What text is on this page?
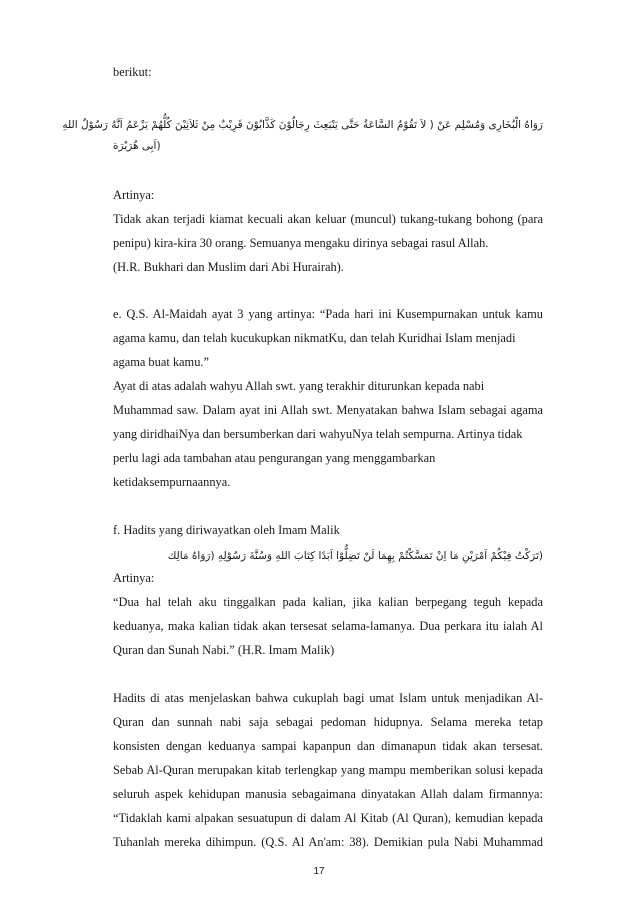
berikut:
رَوَاهُ الْبُخَارِى وَمُسْلِم عَنْ ( لاَ تَقُوْمُ السَّاعَةُ حَتَّى يَنْبَعِثَ رِجَالُوْنَ كَذَّابُوْنَ قَرِيْبٌ مِنْ ثَلاَثِيْنَ كُلُّهُمْ يَزْعَمُ اَنَّهُ رَسُوْلُ اللهِ
(اَبِى هُرَيْرَة
Artinya:
Tidak akan terjadi kiamat kecuali akan keluar (muncul) tukang-tukang bohong (para
penipu) kira-kira 30 orang. Semuanya mengaku dirinya sebagai rasul Allah.
(H.R. Bukhari dan Muslim dari Abi Hurairah).
e. Q.S. Al-Maidah ayat 3 yang artinya: “Pada hari ini Kusempurnakan untuk kamu
agama kamu, dan telah kucukupkan nikmatKu, dan telah Kuridhai Islam menjadi
agama buat kamu.”
Ayat di atas adalah wahyu Allah swt. yang terakhir diturunkan kepada nabi
Muhammad saw. Dalam ayat ini Allah swt. Menyatakan bahwa Islam sebagai agama
yang diridhaiNya dan bersumberkan dari wahyuNya telah sempurna. Artinya tidak
perlu lagi ada tambahan atau pengurangan yang menggambarkan
ketidaksempurnaannya.
f. Hadits yang diriwayatkan oleh Imam Malik
(تَرَكْتُ فِيْكُمْ اَمْرَيْنِ مَا اِنْ تَمَسَّكْتُمْ بِهِمَا لَنْ تَضِلُّوْا اَبَدًا كِتَابَ اللهِ وَسُنَّةَ رَسُوْلِهِ (رَوَاهُ مَالِك
Artinya:
“Dua hal telah aku tinggalkan pada kalian, jika kalian berpegang teguh kepada
keduanya, maka kalian tidak akan tersesat selama-lamanya. Dua perkara itu ialah Al
Quran dan Sunah Nabi.” (H.R. Imam Malik)
Hadits di atas menjelaskan bahwa cukuplah bagi umat Islam untuk menjadikan Al-
Quran dan sunnah nabi saja sebagai pedoman hidupnya. Selama mereka tetap
konsisten dengan keduanya sampai kapanpun dan dimanapun tidak akan tersesat.
Sebab Al-Quran merupakan kitab terlengkap yang mampu memberikan solusi kepada
seluruh aspek kehidupan manusia sebagaimana dinyatakan Allah dalam firmannya:
“Tidaklah kami alpakan sesuatupun di dalam Al Kitab (Al Quran), kemudian kepada
Tuhanlah mereka dihimpun. (Q.S. Al An'am: 38). Demikian pula Nabi Muhammad
17
